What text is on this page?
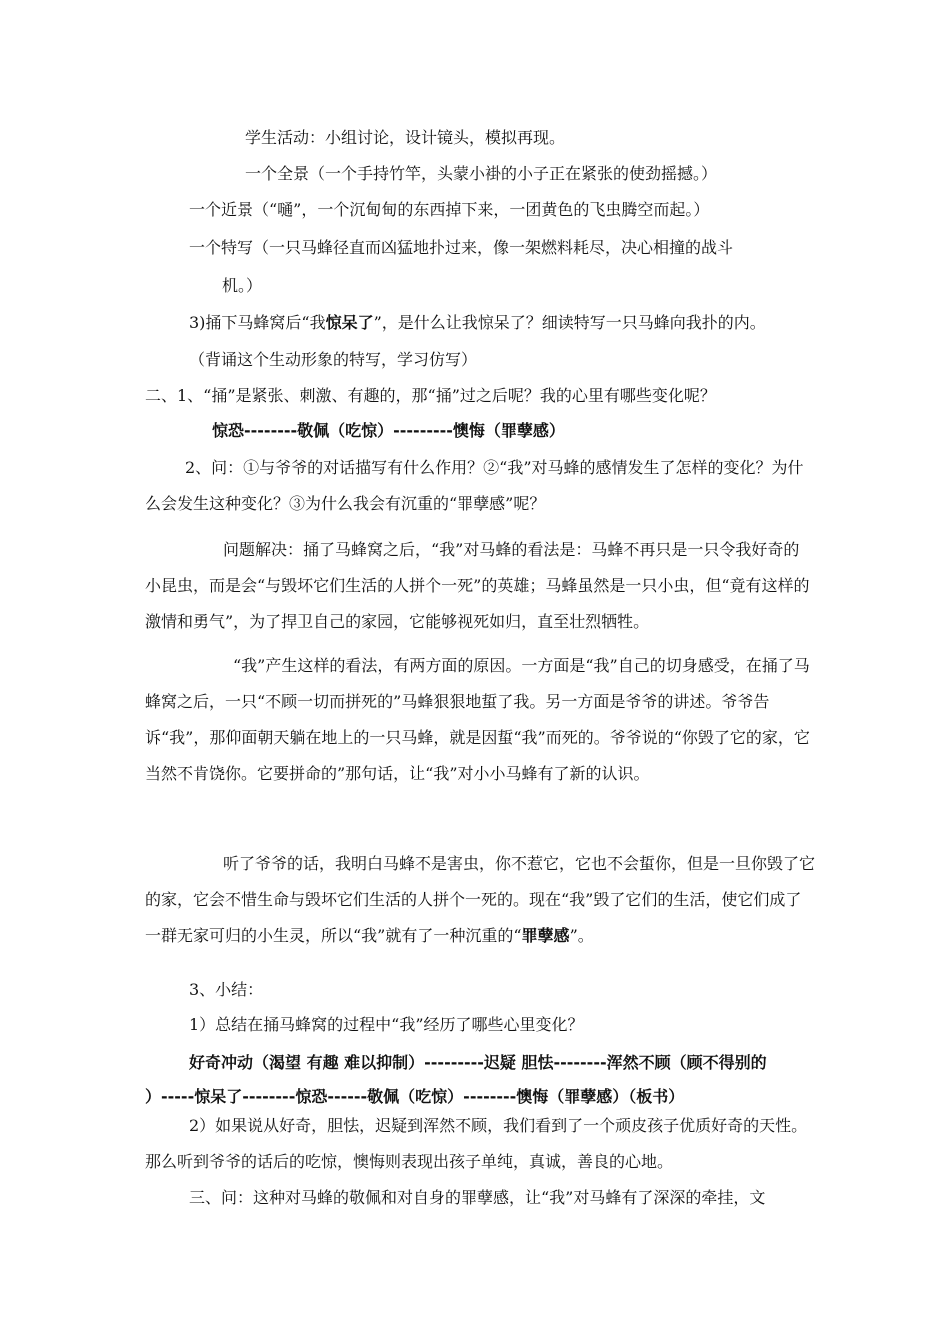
学生活动：小组讨论，设计镜头，模拟再现。
一个全景（一个手持竹竿，头蒙小褂的小子正在紧张的使劲摇撼。）
一个近景（“嗵”，一个沉甸甸的东西掉下来，一团黄色的飞虫腾空而起。）
一个特写（一只马蜂径直而凶猛地扑过来，像一架燃料耗尽，决心相撞的战斗
机。）
3)捅下马蜂窝后“我惊呆了”，是什么让我惊呆了？细读特写一只马蜂向我扑的内。
（背诵这个生动形象的特写，学习仿写）
二、1、“捅”是紧张、刺激、有趣的，那“捅”过之后呢？我的心里有哪些变化呢？
惊恐--------敬佩（吃惊）---------懊悔（罪孽感）
2、问：①与爷爷的对话描写有什么作用？②“我”对马蜂的感情发生了怎样的变化？为什么会发生这种变化？③为什么我会有沉重的“罪孽感”呢？
问题解决：捅了马蜂窝之后，“我”对马蜂的看法是：马蜂不再只是一只令我好奇的小昆虫，而是会“与毁坏它们生活的人拼个一死”的英雄；马蜂虽然是一只小虫，但“竟有这样的激情和勇气”，为了捍卫自己的家园，它能够视死如归，直至壮烈牺牲。
“我”产生这样的看法，有两方面的原因。一方面是“我”自己的切身感受，在捅了马蜂窝之后，一只“不顾一切而拼死的”马蜂狠狠地蜇了我。另一方面是爷爷的讲述。爷爷告诉“我”，那仰面朝天躺在地上的一只马蜂，就是因蜇“我”而死的。爷爷说的“你毁了它的家，它当然不肯饶你。它要拼命的”那句话，让“我”对小小马蜂有了新的认识。
听了爷爷的话，我明白马蜂不是害虫，你不惹它，它也不会蜇你，但是一旦你毁了它的家，它会不惜生命与毁坏它们生活的人拼个一死的。现在“我”毁了它们的生活，使它们成了一群无家可归的小生灵，所以“我”就有了一种沉重的“罪孽感”。
3、小结：
1）总结在捅马蜂窝的过程中“我”经历了哪些心里变化？
好奇冲动（渴望 有趣 难以抑制）---------迟疑 胆怯--------浑然不顾（顾不得别的
）-----惊呆了--------惊恐------敬佩（吃惊）--------懊悔（罪孽感）（板书）
2）如果说从好奇，胆怯，迟疑到浑然不顾，我们看到了一个顽皮孩子优质好奇的天性。那么听到爷爷的话后的吃惊，懊悔则表现出孩子单纯，真诚，善良的心地。
三、问：这种对马蜂的敬佩和对自身的罪孽感，让“我”对马蜂有了深深的牵挂，文
